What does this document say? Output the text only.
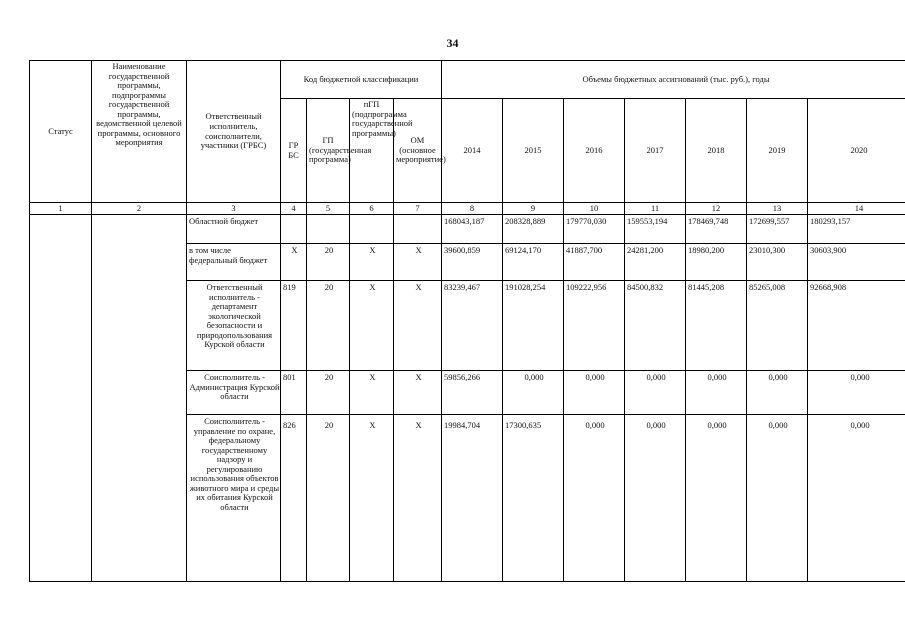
34
Статус	Наименование государственной программы, подпрограммы государственной программы, ведомственной целевой программы, основного мероприятия	Ответственный исполнитель, соисполнители, участники (ГРБС)	Код бюджетной классификации				Объемы бюджетных ассигнований (тыс. руб.), годы						
			ГР БС	ГП (государственная программа)	пГП (подпрограмма государственной программы)	ОМ (основное мероприятие)	2014	2015	2016	2017	2018	2019	2020
1	2	3	4	5	6	7	8	9	10	11	12	13	14
		Областной бюджет					168043,187	208328,889	179770,030	159553,194	178469,748	172699,557	180293,157
		в том числе федеральный бюджет	Х	20	Х	Х	39600,859	69124,170	41887,700	24281,200	18980,200	23010,300	30603,900
		Ответственный исполнитель - департамент экологической безопасности и природопользования Курской области	819	20	Х	Х	83239,467	191028,254	109222,956	84500,832	81445,208	85265,008	92668,908
		Соисполнитель - Администрация Курской области	801	20	Х	Х	59856,266	0,000	0,000	0,000	0,000	0,000	0,000
		Соисполнитель - управление по охране, федеральному государственному надзору и регулированию использования объектов животного мира и среды их обитания Курской области	826	20	Х	Х	19984,704	17300,635	0,000	0,000	0,000	0,000	0,000
